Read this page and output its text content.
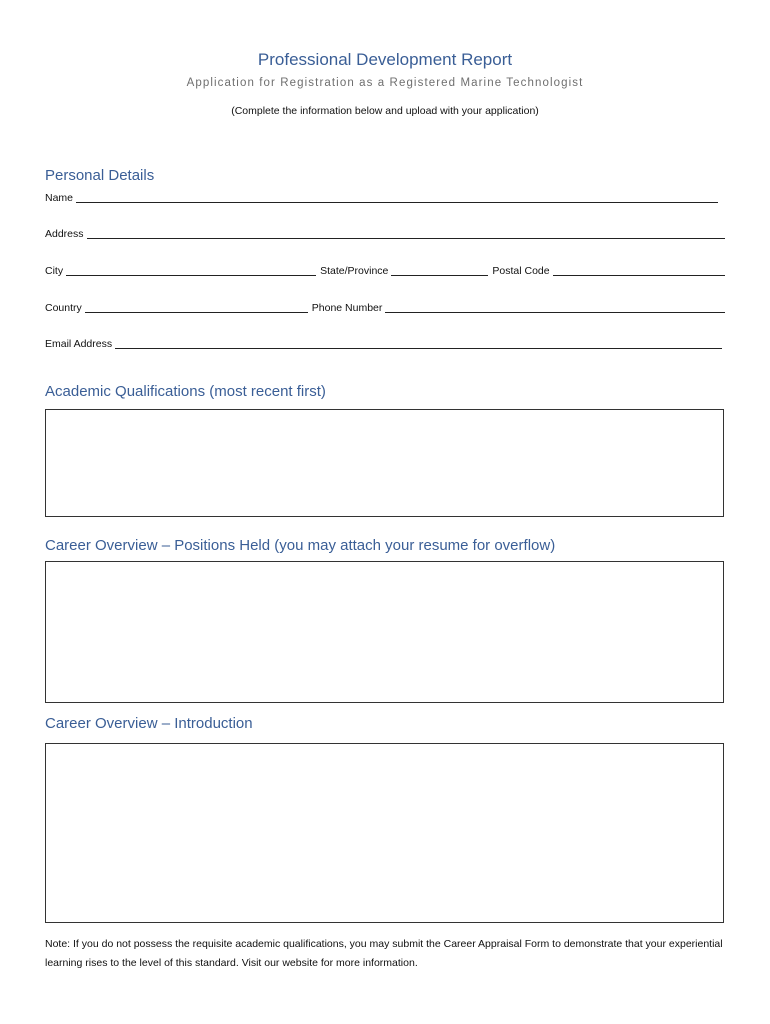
Professional Development Report
Application for Registration as a Registered Marine Technologist
(Complete the information below and upload with your application)
Personal Details
Name
Address
City	State/Province	Postal Code
Country	Phone Number
Email Address
Academic Qualifications (most recent first)
Career Overview – Positions Held (you may attach your resume for overflow)
Career Overview – Introduction
Note: If you do not possess the requisite academic qualifications, you may submit the Career Appraisal Form to demonstrate that your experiential learning rises to the level of this standard. Visit our website for more information.
